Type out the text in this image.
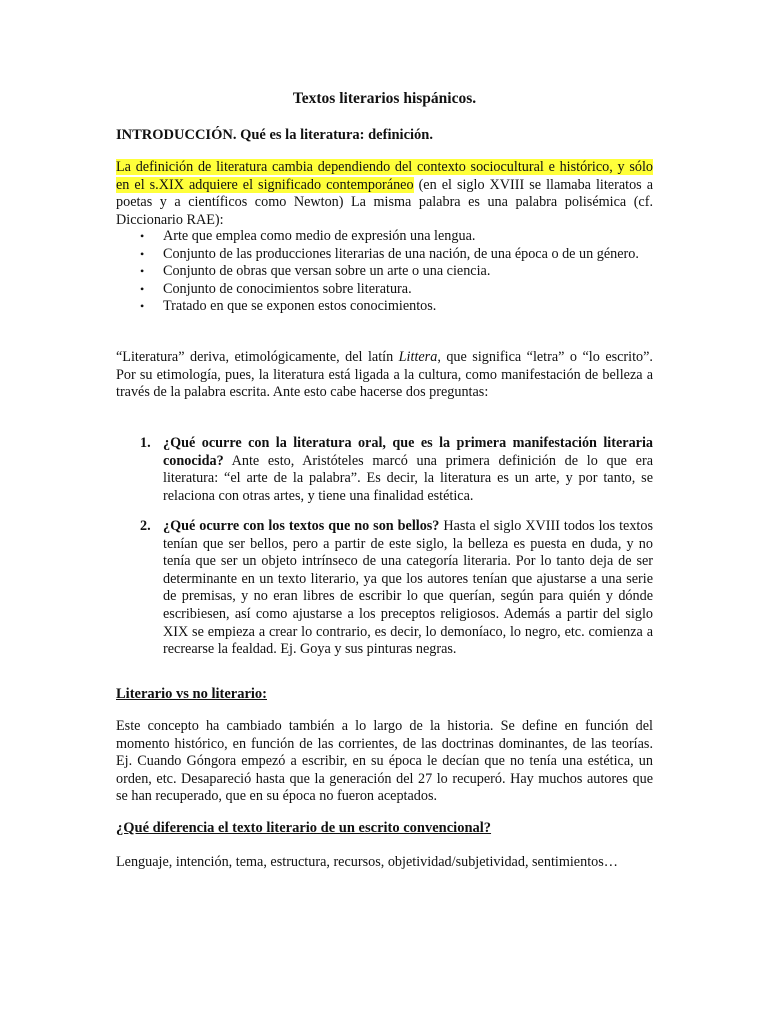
Textos literarios hispánicos.
INTRODUCCIÓN. Qué es la literatura: definición.
La definición de literatura cambia dependiendo del contexto sociocultural e histórico, y sólo en el s.XIX adquiere el significado contemporáneo (en el siglo XVIII se llamaba literatos a poetas y a científicos como Newton) La misma palabra es una palabra polisémica (cf. Diccionario RAE):
• Arte que emplea como medio de expresión una lengua.
• Conjunto de las producciones literarias de una nación, de una época o de un género.
• Conjunto de obras que versan sobre un arte o una ciencia.
• Conjunto de conocimientos sobre literatura.
• Tratado en que se exponen estos conocimientos.
“Literatura” deriva, etimológicamente, del latín Littera, que significa “letra” o “lo escrito”. Por su etimología, pues, la literatura está ligada a la cultura, como manifestación de belleza a través de la palabra escrita. Ante esto cabe hacerse dos preguntas:
1. ¿Qué ocurre con la literatura oral, que es la primera manifestación literaria conocida? Ante esto, Aristóteles marcó una primera definición de lo que era literatura: “el arte de la palabra”. Es decir, la literatura es un arte, y por tanto, se relaciona con otras artes, y tiene una finalidad estética.
2. ¿Qué ocurre con los textos que no son bellos? Hasta el siglo XVIII todos los textos tenían que ser bellos, pero a partir de este siglo, la belleza es puesta en duda, y no tenía que ser un objeto intrínseco de una categoría literaria. Por lo tanto deja de ser determinante en un texto literario, ya que los autores tenían que ajustarse a una serie de premisas, y no eran libres de escribir lo que querían, según para quién y dónde escribiesen, así como ajustarse a los preceptos religiosos. Además a partir del siglo XIX se empieza a crear lo contrario, es decir, lo demoníaco, lo negro, etc. comienza a recrearse la fealdad. Ej. Goya y sus pinturas negras.
Literario vs no literario:
Este concepto ha cambiado también a lo largo de la historia. Se define en función del momento histórico, en función de las corrientes, de las doctrinas dominantes, de las teorías. Ej. Cuando Góngora empezó a escribir, en su época le decían que no tenía una estética, un orden, etc. Desapareció hasta que la generación del 27 lo recuperó. Hay muchos autores que se han recuperado, que en su época no fueron aceptados.
¿Qué diferencia el texto literario de un escrito convencional?
Lenguaje, intención, tema, estructura, recursos, objetividad/subjetividad, sentimientos…
